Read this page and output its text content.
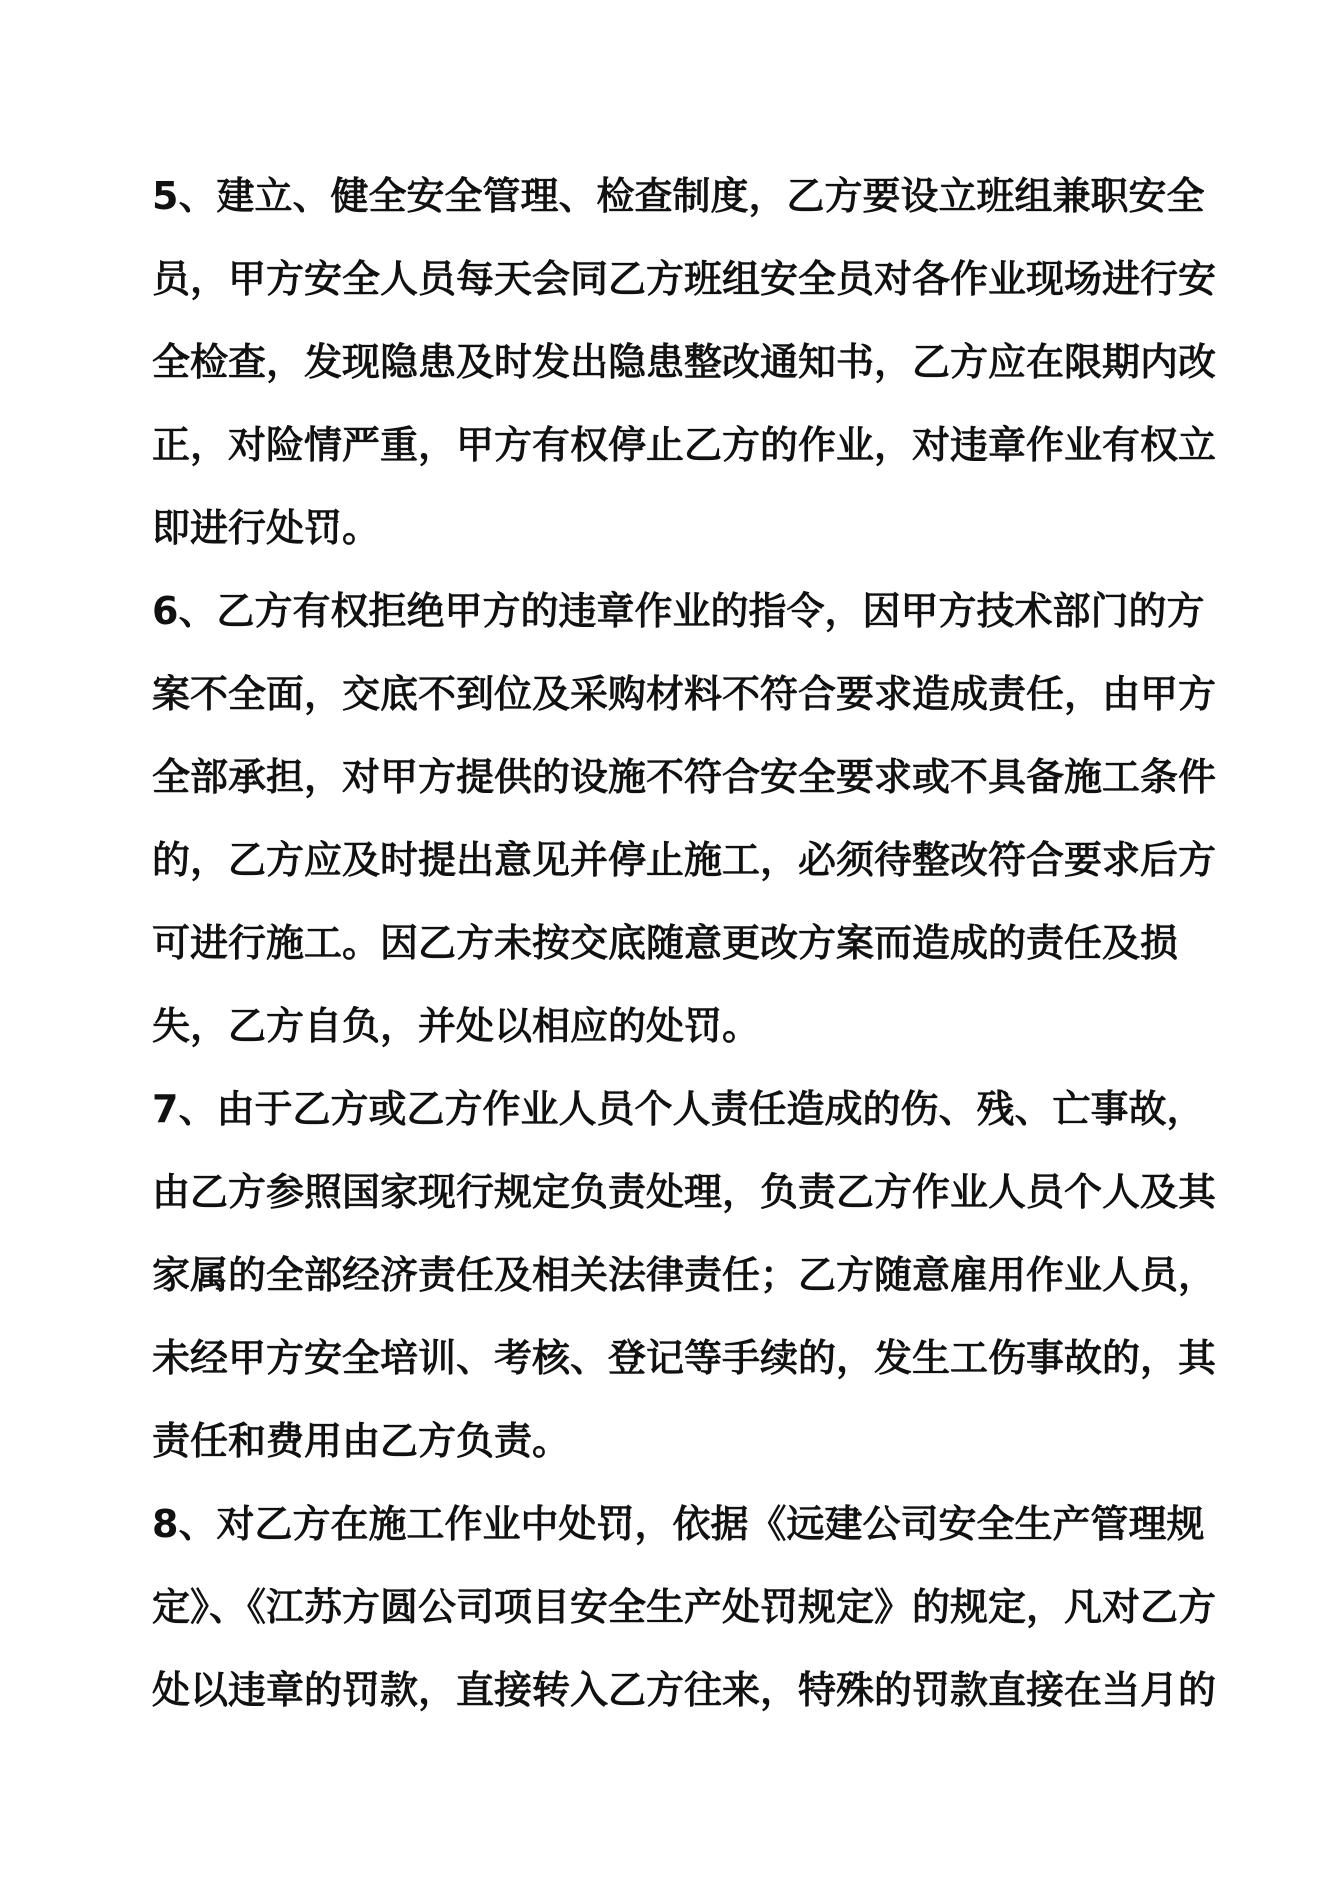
5、建立、健全安全管理、检查制度，乙方要设立班组兼职安全
员，甲方安全人员每天会同乙方班组安全员对各作业现场进行安
全检查，发现隐患及时发出隐患整改通知书，乙方应在限期内改
正，对险情严重，甲方有权停止乙方的作业，对违章作业有权立
即进行处罚。
6、乙方有权拒绝甲方的违章作业的指令，因甲方技术部门的方
案不全面，交底不到位及采购材料不符合要求造成责任，由甲方
全部承担，对甲方提供的设施不符合安全要求或不具备施工条件
的，乙方应及时提出意见并停止施工，必须待整改符合要求后方
可进行施工。因乙方未按交底随意更改方案而造成的责任及损
失，乙方自负，并处以相应的处罚。
7、由于乙方或乙方作业人员个人责任造成的伤、残、亡事故，
由乙方参照国家现行规定负责处理，负责乙方作业人员个人及其
家属的全部经济责任及相关法律责任；乙方随意雇用作业人员，
未经甲方安全培训、考核、登记等手续的，发生工伤事故的，其
责任和费用由乙方负责。
8、对乙方在施工作业中处罚，依据《远建公司安全生产管理规
定》、《江苏方圆公司项目安全生产处罚规定》的规定，凡对乙方
处以违章的罚款，直接转入乙方往来，特殊的罚款直接在当月的
